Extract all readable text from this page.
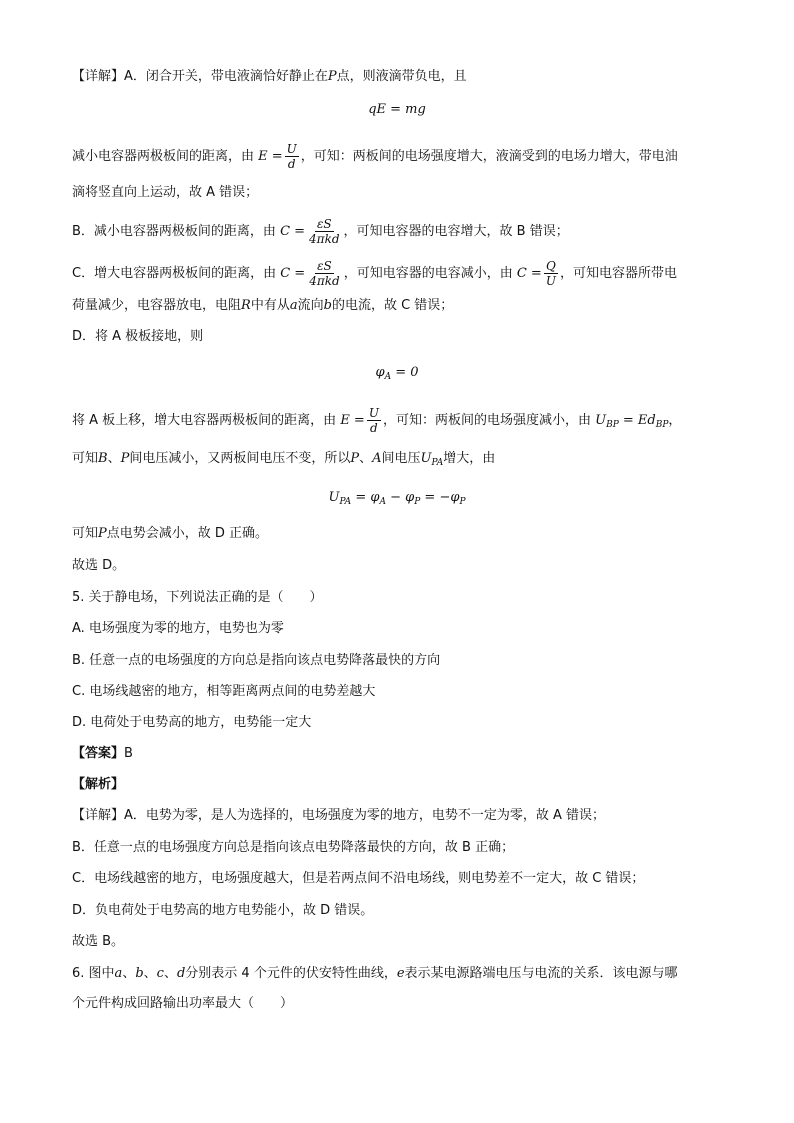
【详解】A．闭合开关，带电液滴恰好静止在P点，则液滴带负电，且
qE = mg
减小电容器两极板间的距离，由 $E = \frac{U}{d}$ ，可知：两板间的电场强度增大，液滴受到的电场力增大，带电油
滴将竖直向上运动，故 A 错误；
B．减小电容器两极板间的距离，由 $C = \frac{\varepsilon S}{\text{4πkd}}$ ，可知电容器的电容增大，故 B 错误；
C．增大电容器两极板间的距离，由 $C = \frac{\varepsilon S}{\text{4πkd}}$ ，可知电容器的电容减小，由 $C = \frac{Q}{U}$ ，可知电容器所带电
荷量减少，电容器放电，电阻R中有从a流向b的电流，故 C 错误；
D．将 A 极板接地，则
$\varphi_A = 0$
将 A 板上移，增大电容器两极板间的距离，由 $E = \frac{U}{d}$ ，可知：两板间的电场强度减小，由 $U_{BP} = Ed_{BP}$，
可知B、P间电压减小，又两板间电压不变，所以P、A间电压$U_{PA}$增大，由
$U_{PA} = \varphi_A - \varphi_P = -\varphi_P$
可知P点电势会减小，故 D 正确。
故选 D。
5. 关于静电场，下列说法正确的是（　　）
A. 电场强度为零的地方，电势也为零
B. 任意一点的电场强度的方向总是指向该点电势降落最快的方向
C. 电场线越密的地方，相等距离两点间的电势差越大
D. 电荷处于电势高的地方，电势能一定大
【答案】B
【解析】
【详解】A．电势为零，是人为选择的，电场强度为零的地方，电势不一定为零，故 A 错误；
B．任意一点的电场强度方向总是指向该点电势降落最快的方向，故 B 正确；
C．电场线越密的地方，电场强度越大，但是若两点间不沿电场线，则电势差不一定大，故 C 错误；
D．负电荷处于电势高的地方电势能小，故 D 错误。
故选 B。
6. 图中a、b、c、d分别表示 4 个元件的伏安特性曲线，e表示某电源路端电压与电流的关系．该电源与哪
个元件构成回路输出功率最大（　　）
